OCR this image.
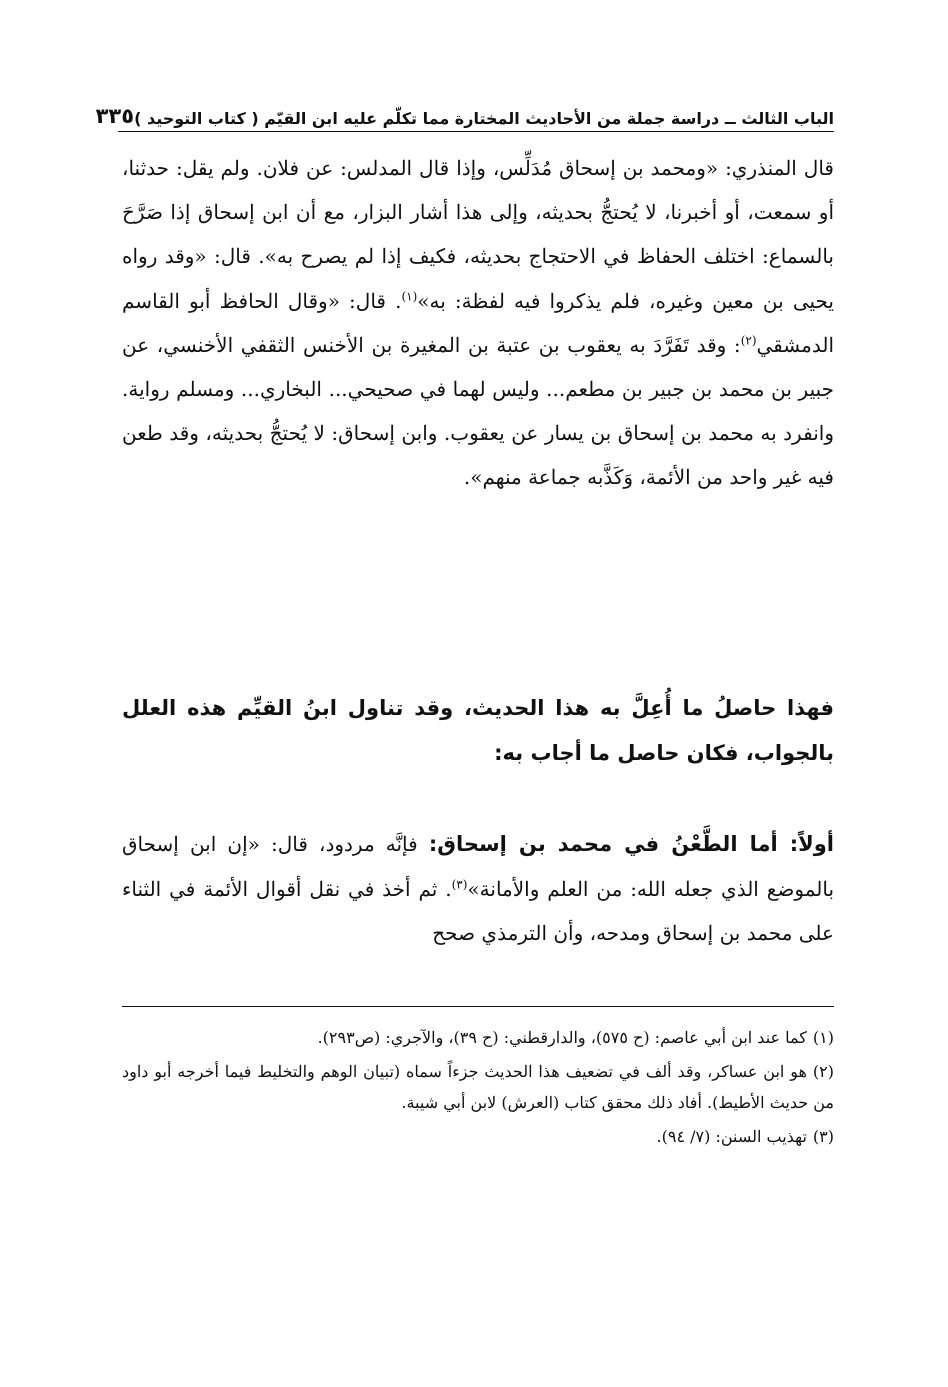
الباب الثالث ــ دراسة جملة من الأحاديث المختارة مما تكلّم عليه ابن القيّم ( كتاب التوحيد )
٣٣٥

قال المنذري: «ومحمد بن إسحاق مُدَلِّس، وإذا قال المدلس: عن فلان. ولم يقل: حدثنا، أو سمعت، أو أخبرنا، لا يُحتجُّ بحديثه، وإلى هذا أشار البزار، مع أن ابن إسحاق إذا صَرَّحَ بالسماع: اختلف الحفاظ في الاحتجاج بحديثه، فكيف إذا لم يصرح به». قال: «وقد رواه يحيى بن معين وغيره، فلم يذكروا فيه لفظة: به»$^{(١)}$. قال: «وقال الحافظ أبو القاسم الدمشقي$^{(٢)}$: وقد تَفَرَّدَ به يعقوب بن عتبة بن المغيرة بن الأخنس الثقفي الأخنسي، عن جبير بن محمد بن جبير بن مطعم... وليس لهما في صحيحي... البخاري... ومسلم رواية. وانفرد به محمد بن إسحاق بن يسار عن يعقوب. وابن إسحاق: لا يُحتجُّ بحديثه، وقد طعن فيه غير واحد من الأئمة، وَكَذَّبه جماعة منهم».

فهذا حاصلُ ما أُعِلَّ به هذا الحديث، وقد تناول ابنُ القيِّم هذه العلل بالجواب، فكان حاصل ما أجاب به:

أولاً: أما الطَّعْنُ في محمد بن إسحاق: فإنَّه مردود، قال: «إن ابن إسحاق بالموضع الذي جعله الله: من العلم والأمانة»$^{(٣)}$. ثم أخذ في نقل أقوال الأئمة في الثناء على محمد بن إسحاق ومدحه، وأن الترمذي صحح

(١)كما عند ابن أبي عاصم: (ح ٥٧٥)، والدارقطني: (ح ٣٩)، والآجري: (ص٢٩٣).

(٢)هو ابن عساكر، وقد ألف في تضعيف هذا الحديث جزءاً سماه (تبيان الوهم والتخليط فيما أخرجه أبو داود من حديث الأطيط). أفاد ذلك محقق كتاب (العرش) لابن أبي شيبة.

(٣)تهذيب السنن: (٧/ ٩٤).
